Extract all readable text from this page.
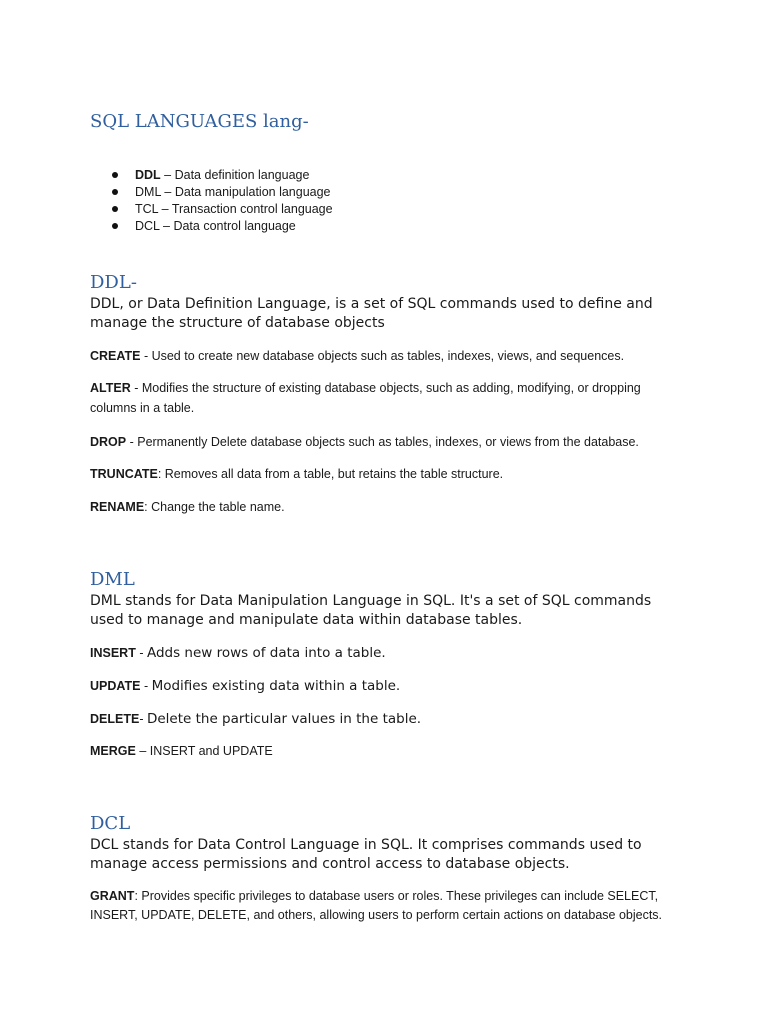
SQL LANGUAGES lang-
DDL – Data definition language
DML – Data manipulation language
TCL – Transaction control language
DCL – Data control language
DDL-
DDL, or Data Definition Language, is a set of SQL commands used to define and
manage the structure of database objects
CREATE - Used to create new database objects such as tables, indexes, views, and sequences.
ALTER - Modifies the structure of existing database objects, such as adding, modifying, or dropping
columns in a table.
DROP - Permanently Delete database objects such as tables, indexes, or views from the database.
TRUNCATE: Removes all data from a table, but retains the table structure.
RENAME: Change the table name.
DML
DML stands for Data Manipulation Language in SQL. It's a set of SQL commands
used to manage and manipulate data within database tables.
INSERT - Adds new rows of data into a table.
UPDATE - Modifies existing data within a table.
DELETE- Delete the particular values in the table.
MERGE – INSERT and UPDATE
DCL
DCL stands for Data Control Language in SQL. It comprises commands used to
manage access permissions and control access to database objects.
GRANT: Provides specific privileges to database users or roles. These privileges can include SELECT,
INSERT, UPDATE, DELETE, and others, allowing users to perform certain actions on database objects.
